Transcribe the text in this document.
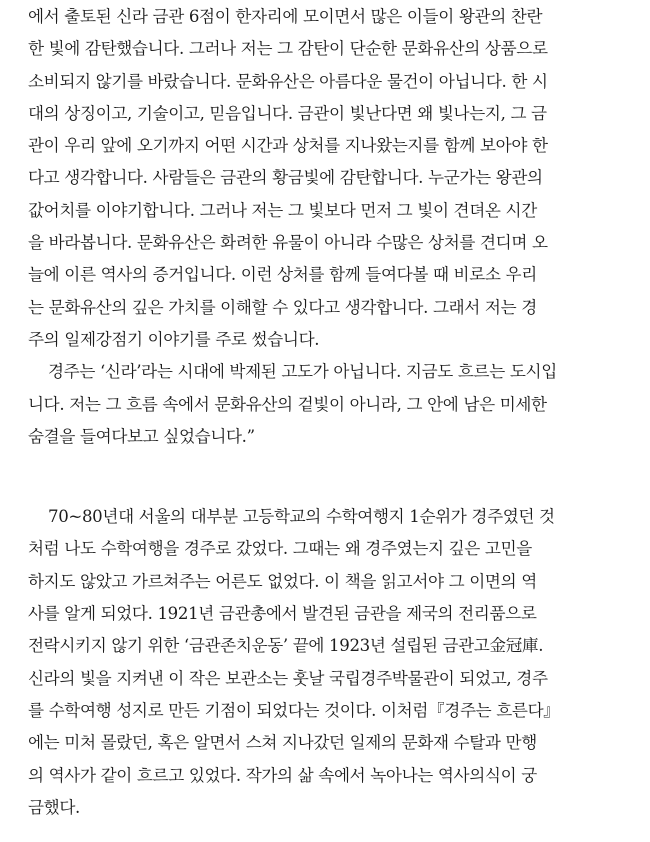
에서 출토된 신라 금관 6점이 한자리에 모이면서 많은 이들이 왕관의 찬란
한 빛에 감탄했습니다. 그러나 저는 그 감탄이 단순한 문화유산의 상품으로
소비되지 않기를 바랐습니다. 문화유산은 아름다운 물건이 아닙니다. 한 시
대의 상징이고, 기술이고, 믿음입니다. 금관이 빛난다면 왜 빛나는지, 그 금
관이 우리 앞에 오기까지 어떤 시간과 상처를 지나왔는지를 함께 보아야 한
다고 생각합니다. 사람들은 금관의 황금빛에 감탄합니다. 누군가는 왕관의
값어치를 이야기합니다. 그러나 저는 그 빛보다 먼저 그 빛이 견뎌온 시간
을 바라봅니다. 문화유산은 화려한 유물이 아니라 수많은 상처를 견디며 오
늘에 이른 역사의 증거입니다. 이런 상처를 함께 들여다볼 때 비로소 우리
는 문화유산의 깊은 가치를 이해할 수 있다고 생각합니다. 그래서 저는 경
주의 일제강점기 이야기를 주로 썼습니다.
경주는 ‘신라’라는 시대에 박제된 고도가 아닙니다. 지금도 흐르는 도시입
니다. 저는 그 흐름 속에서 문화유산의 겉빛이 아니라, 그 안에 남은 미세한
숨결을 들여다보고 싶었습니다.”
70~80년대 서울의 대부분 고등학교의 수학여행지 1순위가 경주였던 것
처럼 나도 수학여행을 경주로 갔었다. 그때는 왜 경주였는지 깊은 고민을
하지도 않았고 가르쳐주는 어른도 없었다. 이 책을 읽고서야 그 이면의 역
사를 알게 되었다. 1921년 금관총에서 발견된 금관을 제국의 전리품으로
전락시키지 않기 위한 ‘금관존치운동’ 끝에 1923년 설립된 금관고金冠庫.
신라의 빛을 지켜낸 이 작은 보관소는 훗날 국립경주박물관이 되었고, 경주
를 수학여행 성지로 만든 기점이 되었다는 것이다. 이처럼『경주는 흐른다』
에는 미처 몰랐던, 혹은 알면서 스쳐 지나갔던 일제의 문화재 수탈과 만행
의 역사가 같이 흐르고 있었다. 작가의 삶 속에서 녹아나는 역사의식이 궁
금했다.
